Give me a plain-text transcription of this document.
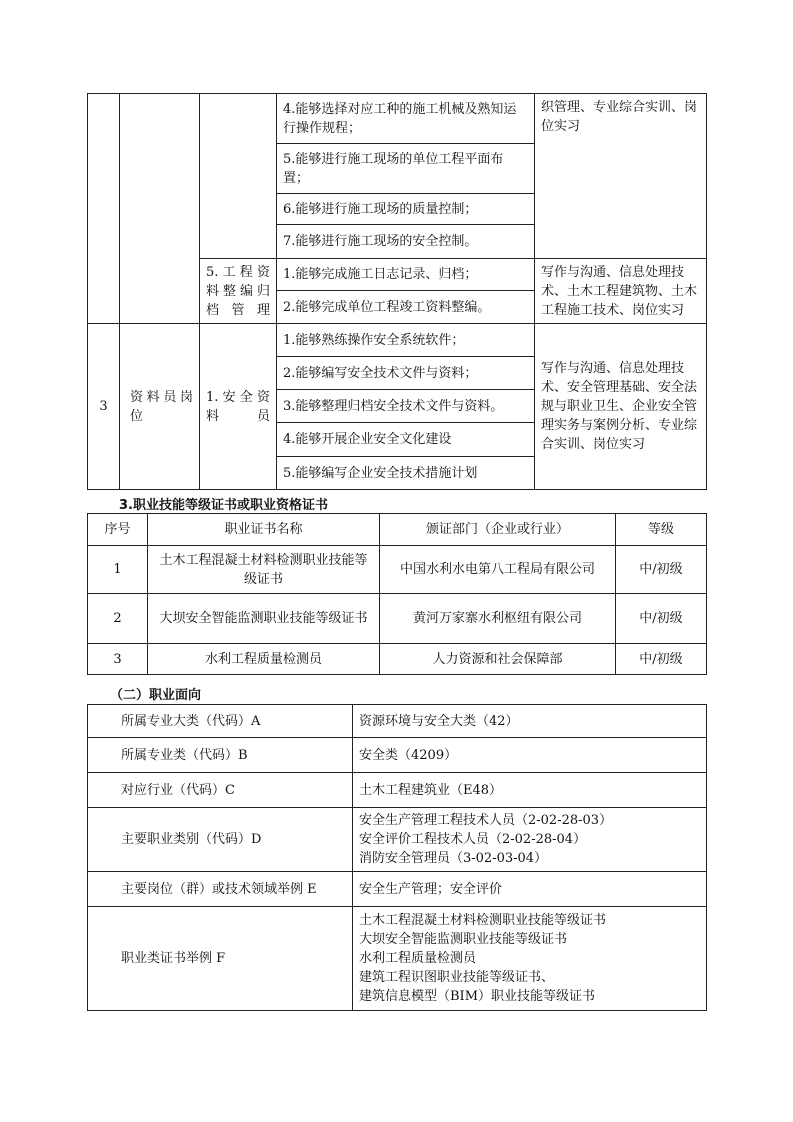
			4.能够选择对应工种的施工机械及熟知运行操作规程；	织管理、专业综合实训、岗位实习
			5.能够进行施工现场的单位工程平面布置；	
			6.能够进行施工现场的质量控制；	
			7.能够进行施工现场的安全控制。	
		5.工程资料整编归档管理	1.能够完成施工日志记录、归档；	写作与沟通、信息处理技术、土木工程建筑物、土木工程施工技术、岗位实习
			2.能够完成单位工程竣工资料整编。	

3	资料员岗位	1.安全资料员	1.能够熟练操作安全系统软件；	写作与沟通、信息处理技术、安全管理基础、安全法规与职业卫生、企业安全管理实务与案例分析、专业综合实训、岗位实习
			2.能够编写安全技术文件与资料；	
			3.能够整理归档安全技术文件与资料。	
			4.能够开展企业安全文化建设	
			5.能够编写企业安全技术措施计划	
3.职业技能等级证书或职业资格证书
序号	职业证书名称	颁证部门（企业或行业）	等级
1	土木工程混凝土材料检测职业技能等级证书	中国水利水电第八工程局有限公司	中/初级
2	大坝安全智能监测职业技能等级证书	黄河万家寨水利枢纽有限公司	中/初级
3	水利工程质量检测员	人力资源和社会保障部	中/初级
（二）职业面向
所属专业大类（代码）A	资源环境与安全大类（42）

所属专业类（代码）B	安全类（4209）

对应行业（代码）C	土木工程建筑业（E48）

主要职业类别（代码）D	安全生产管理工程技术人员（2-02-28-03）
安全评价工程技术人员（2-02-28-04）
消防安全管理员（3-02-03-04）

主要岗位（群）或技术领域举例 E	安全生产管理；安全评价

职业类证书举例 F	土木工程混凝土材料检测职业技能等级证书
大坝安全智能监测职业技能等级证书
水利工程质量检测员
建筑工程识图职业技能等级证书、
建筑信息模型（BIM）职业技能等级证书
